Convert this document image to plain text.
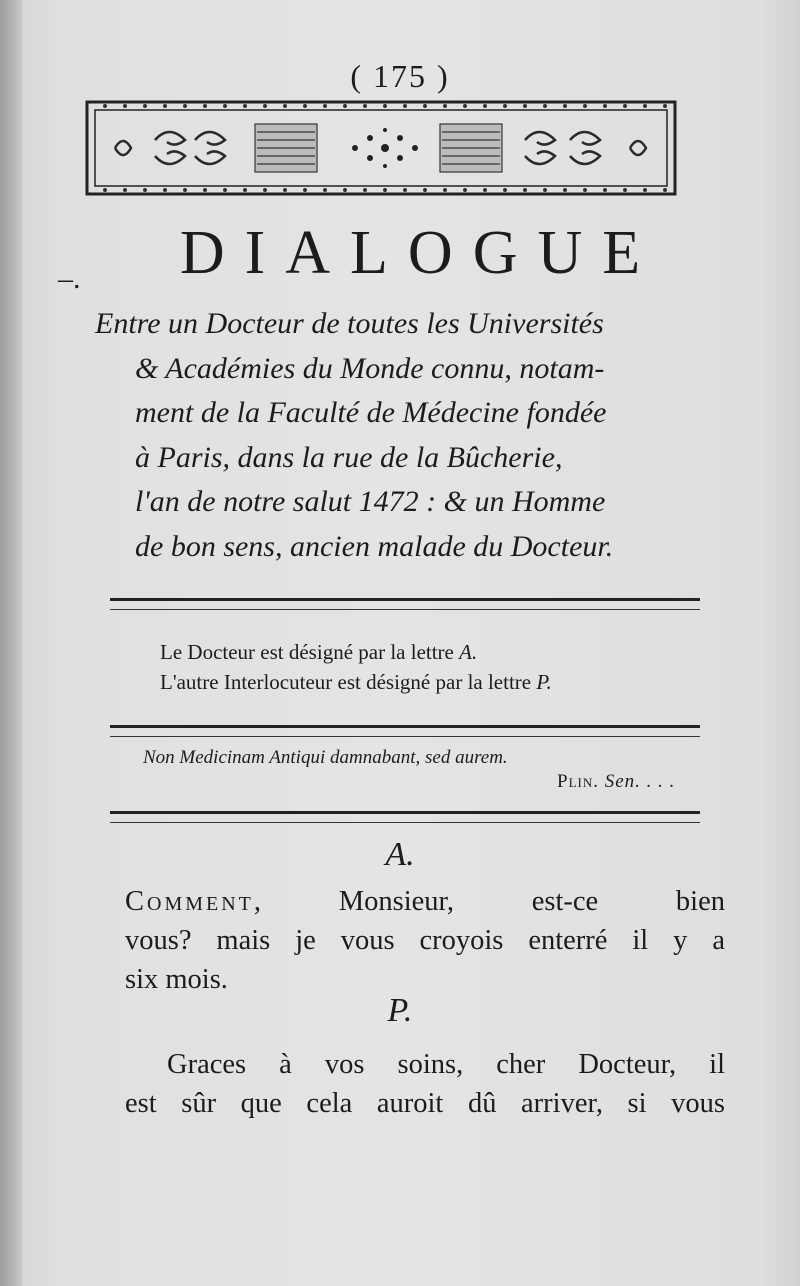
( 175 )
–.	DIALOGUE
Entre un Docteur de toutes les Universités
& Académies du Monde connu, notam-
ment de la Faculté de Médecine fondée
à Paris, dans la rue de la Bûcherie,
l'an de notre salut 1472 : & un Homme
de bon sens, ancien malade du Docteur.
Le Docteur est désigné par la lettre A.
L'autre Interlocuteur est désigné par la lettre P.
Non Medicinam Antiqui damnabant, sed aurem.
Plin. Sen. . . .
A.
Comment, Monsieur, est-ce bien
vous? mais je vous croyois enterré il y a
six mois.
P.
Graces à vos soins, cher Docteur, il
est sûr que cela auroit dû arriver, si vous
